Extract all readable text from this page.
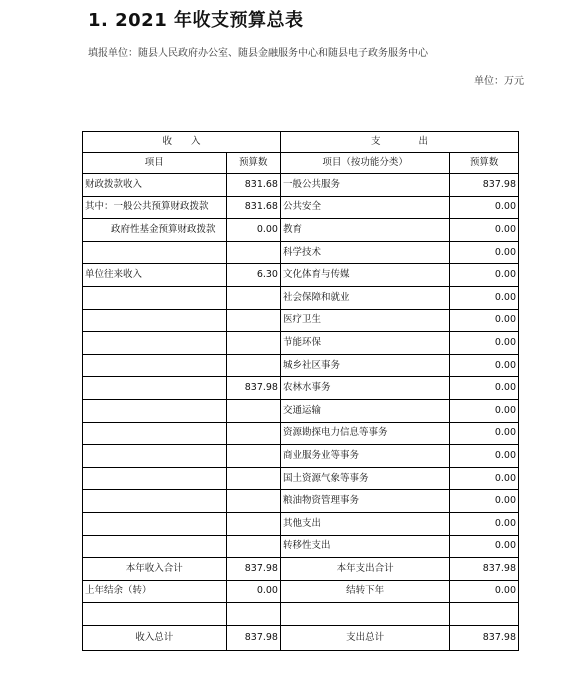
1. 2021 年收支预算总表
填报单位：随县人民政府办公室、随县金融服务中心和随县电子政务服务中心
单位：万元
收　　入		支　　　　出	
项目	预算数	项目（按功能分类）	预算数
财政拨款收入	831.68	一般公共服务	837.98
其中：一般公共预算财政拨款	831.68	公共安全	0.00
政府性基金预算财政拨款	0.00	教育	0.00
		科学技术	0.00
单位往来收入	6.30	文化体育与传媒	0.00
		社会保障和就业	0.00
		医疗卫生	0.00
		节能环保	0.00
		城乡社区事务	0.00
	837.98	农林水事务	0.00
		交通运输	0.00
		资源勘探电力信息等事务	0.00
		商业服务业等事务	0.00
		国土资源气象等事务	0.00
		粮油物资管理事务	0.00
		其他支出	0.00
		转移性支出	0.00
本年收入合计	837.98	本年支出合计	837.98
上年结余（转）	0.00	结转下年	0.00

收入总计	837.98	支出总计	837.98
